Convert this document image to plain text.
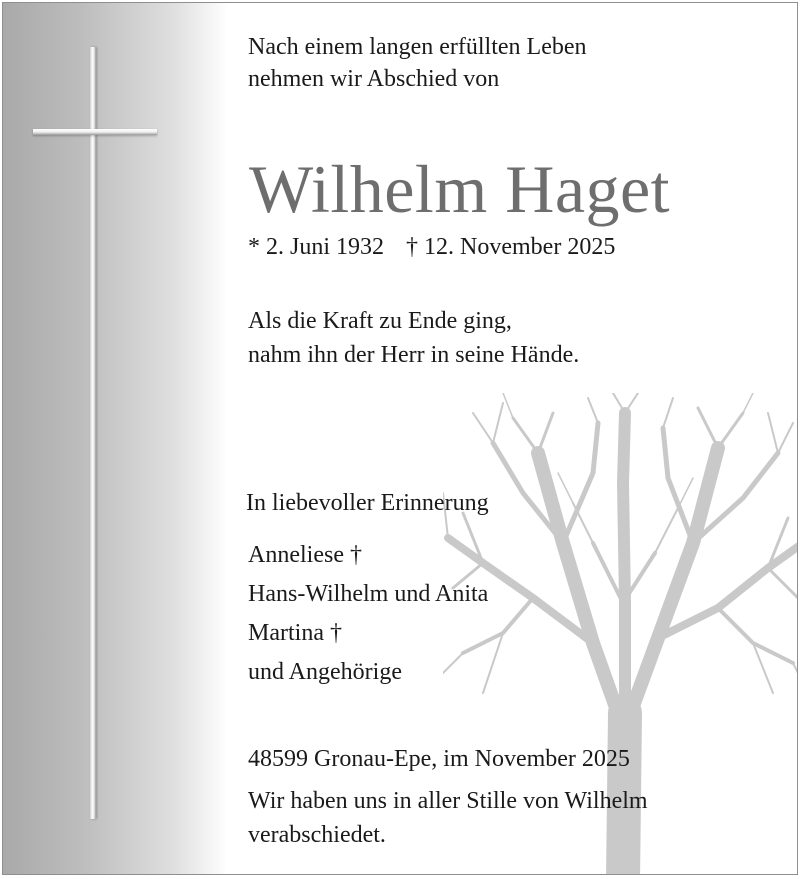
Nach einem langen erfüllten Leben

nehmen wir Abschied von

Wilhelm Haget

* 2. Juni 1932 † 12. November 2025

Als die Kraft zu Ende ging,

nahm ihn der Herr in seine Hände.

In liebevoller Erinnerung

Anneliese †

Hans-Wilhelm und Anita

Martina †

und Angehörige

48599 Gronau-Epe, im November 2025

Wir haben uns in aller Stille von Wilhelm

verabschiedet.
